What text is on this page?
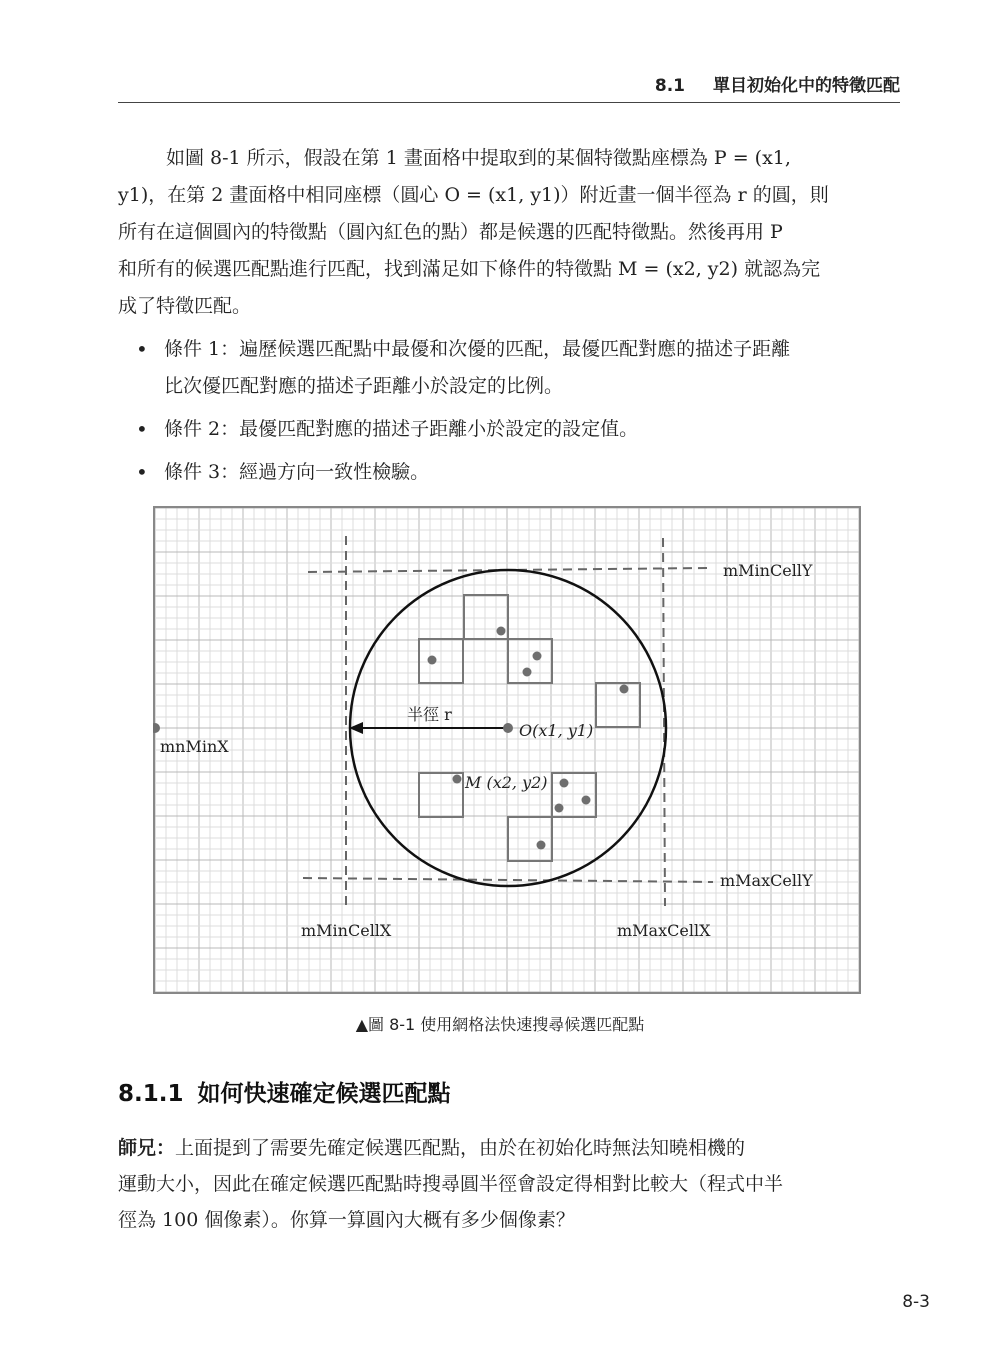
8.1 單目初始化中的特徵匹配

如圖 8-1 所示，假設在第 1 畫面格中提取到的某個特徵點座標為 P = (x1,
y1)，在第 2 畫面格中相同座標（圓心 O = (x1, y1)）附近畫一個半徑為 r 的圓，則
所有在這個圓內的特徵點（圓內紅色的點）都是候選的匹配特徵點。然後再用 P
和所有的候選匹配點進行匹配，找到滿足如下條件的特徵點 M = (x2, y2) 就認為完
成了特徵匹配。

• 條件 1：遍歷候選匹配點中最優和次優的匹配，最優匹配對應的描述子距離
比次優匹配對應的描述子距離小於設定的比例。
• 條件 2：最優匹配對應的描述子距離小於設定的設定值。
• 條件 3：經過方向一致性檢驗。
mMinCellY
mMaxCellY
mMinCellX	mMaxCellX
mnMinX
半徑 r
O(x1, y1)
M (x2, y2)
▲圖 8-1 使用網格法快速搜尋候選匹配點
8.1.1 如何快速確定候選匹配點
師兄：上面提到了需要先確定候選匹配點，由於在初始化時無法知曉相機的
運動大小，因此在確定候選匹配點時搜尋圓半徑會設定得相對比較大（程式中半
徑為 100 個像素）。你算一算圓內大概有多少個像素？
8-3
